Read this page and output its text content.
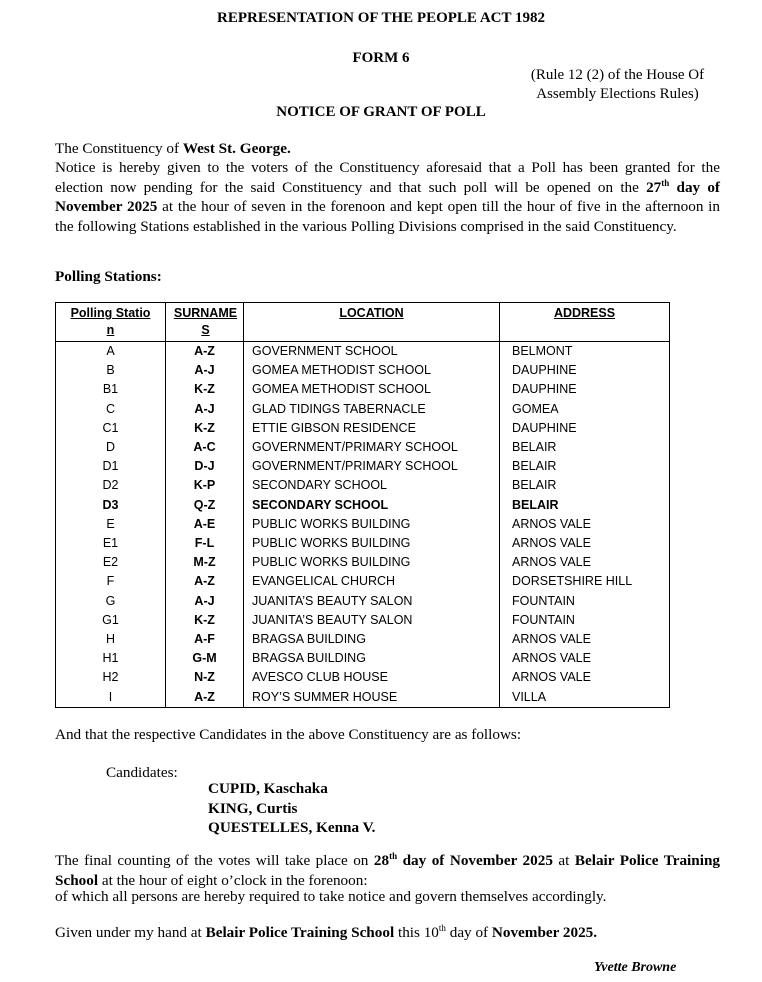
REPRESENTATION OF THE PEOPLE ACT 1982
FORM 6
(Rule 12 (2) of the House Of
Assembly Elections Rules)
NOTICE OF GRANT OF POLL
The Constituency of West St. George.
Notice is hereby given to the voters of the Constituency aforesaid that a Poll has been granted for the election now pending for the said Constituency and that such poll will be opened on the 27th day of November 2025 at the hour of seven in the forenoon and kept open till the hour of five in the afternoon in the following Stations established in the various Polling Divisions comprised in the said Constituency.
Polling Stations:
Polling Station	SURNAMES	LOCATION	ADDRESS
A	A-Z	GOVERNMENT SCHOOL	BELMONT
B	A-J	GOMEA METHODIST SCHOOL	DAUPHINE
B1	K-Z	GOMEA METHODIST SCHOOL	DAUPHINE
C	A-J	GLAD TIDINGS TABERNACLE	GOMEA
C1	K-Z	ETTIE GIBSON RESIDENCE	DAUPHINE
D	A-C	GOVERNMENT/PRIMARY SCHOOL	BELAIR
D1	D-J	GOVERNMENT/PRIMARY SCHOOL	BELAIR
D2	K-P	SECONDARY SCHOOL	BELAIR
D3	Q-Z	SECONDARY SCHOOL	BELAIR
E	A-E	PUBLIC WORKS BUILDING	ARNOS VALE
E1	F-L	PUBLIC WORKS BUILDING	ARNOS VALE
E2	M-Z	PUBLIC WORKS BUILDING	ARNOS VALE
F	A-Z	EVANGELICAL CHURCH	DORSETSHIRE HILL
G	A-J	JUANITA’S BEAUTY SALON	FOUNTAIN
G1	K-Z	JUANITA’S BEAUTY SALON	FOUNTAIN
H	A-F	BRAGSA BUILDING	ARNOS VALE
H1	G-M	BRAGSA BUILDING	ARNOS VALE
H2	N-Z	AVESCO CLUB HOUSE	ARNOS VALE
I	A-Z	ROY’S SUMMER HOUSE	VILLA
And that the respective Candidates in the above Constituency are as follows:
Candidates:
CUPID, Kaschaka
KING, Curtis
QUESTELLES, Kenna V.
The final counting of the votes will take place on 28th day of November 2025 at Belair Police Training School at the hour of eight o’clock in the forenoon:
of which all persons are hereby required to take notice and govern themselves accordingly.
Given under my hand at Belair Police Training School this 10th day of November 2025.
Yvette Browne
